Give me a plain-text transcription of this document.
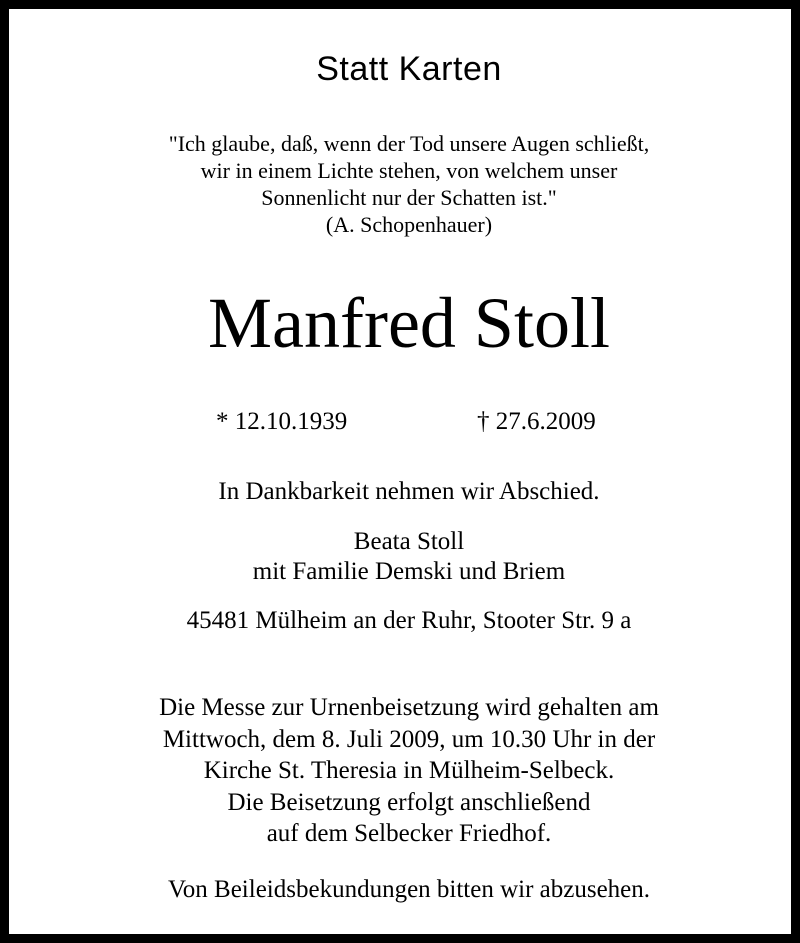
Statt Karten

"Ich glaube, daß, wenn der Tod unsere Augen schließt,

wir in einem Lichte stehen, von welchem unser

Sonnenlicht nur der Schatten ist."

(A. Schopenhauer)

Manfred Stoll

* 12.10.1939	† 27.6.2009

In Dankbarkeit nehmen wir Abschied.

Beata Stoll

mit Familie Demski und Briem

45481 Mülheim an der Ruhr, Stooter Str. 9 a

Die Messe zur Urnenbeisetzung wird gehalten am

Mittwoch, dem 8. Juli 2009, um 10.30 Uhr in der

Kirche St. Theresia in Mülheim-Selbeck.

Die Beisetzung erfolgt anschließend

auf dem Selbecker Friedhof.

Von Beileidsbekundungen bitten wir abzusehen.
